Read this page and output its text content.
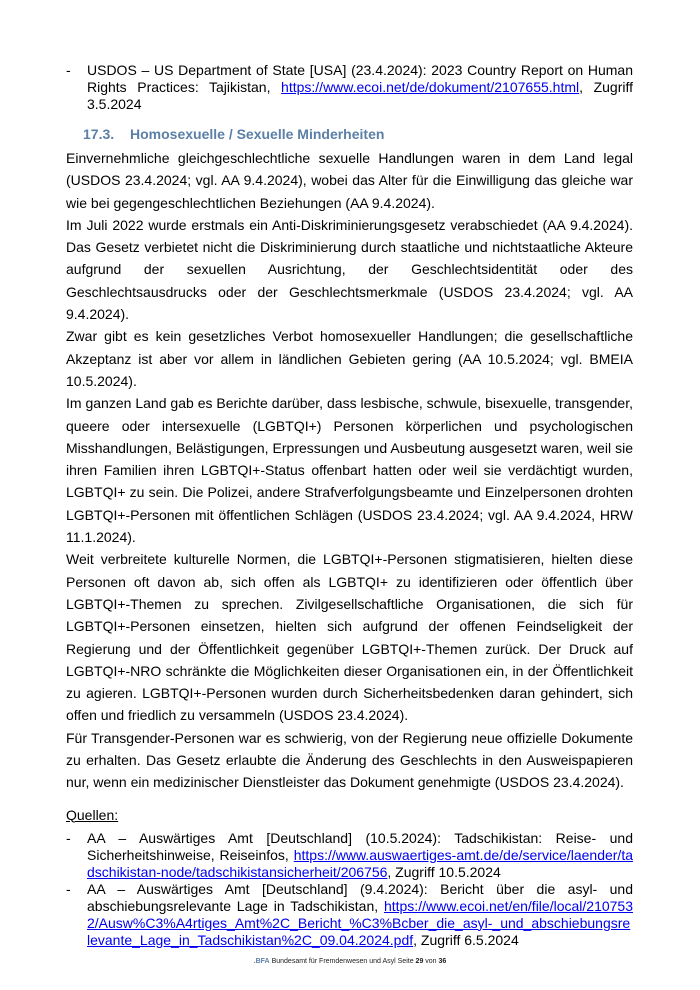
-	USDOS – US Department of State [USA] (23.4.2024): 2023 Country Report on Human Rights Practices: Tajikistan, https://www.ecoi.net/de/dokument/2107655.html, Zugriff 3.5.2024
17.3. Homosexuelle / Sexuelle Minderheiten

Einvernehmliche gleichgeschlechtliche sexuelle Handlungen waren in dem Land legal (USDOS 23.4.2024; vgl. AA 9.4.2024), wobei das Alter für die Einwilligung das gleiche war wie bei gegengeschlechtlichen Beziehungen (AA 9.4.2024).

Im Juli 2022 wurde erstmals ein Anti-Diskriminierungsgesetz verabschiedet (AA 9.4.2024). Das Gesetz verbietet nicht die Diskriminierung durch staatliche und nichtstaatliche Akteure aufgrund der sexuellen Ausrichtung, der Geschlechtsidentität oder des Geschlechtsausdrucks oder der Geschlechtsmerkmale (USDOS 23.4.2024; vgl. AA 9.4.2024).

Zwar gibt es kein gesetzliches Verbot homosexueller Handlungen; die gesellschaftliche Akzeptanz ist aber vor allem in ländlichen Gebieten gering (AA 10.5.2024; vgl. BMEIA 10.5.2024).

Im ganzen Land gab es Berichte darüber, dass lesbische, schwule, bisexuelle, transgender, queere oder intersexuelle (LGBTQI+) Personen körperlichen und psychologischen Misshandlungen, Belästigungen, Erpressungen und Ausbeutung ausgesetzt waren, weil sie ihren Familien ihren LGBTQI+-Status offenbart hatten oder weil sie verdächtigt wurden, LGBTQI+ zu sein. Die Polizei, andere Strafverfolgungsbeamte und Einzelpersonen drohten LGBTQI+-Personen mit öffentlichen Schlägen (USDOS 23.4.2024; vgl. AA 9.4.2024, HRW 11.1.2024).

Weit verbreitete kulturelle Normen, die LGBTQI+-Personen stigmatisieren, hielten diese Personen oft davon ab, sich offen als LGBTQI+ zu identifizieren oder öffentlich über LGBTQI+-Themen zu sprechen. Zivilgesellschaftliche Organisationen, die sich für LGBTQI+-Personen einsetzen, hielten sich aufgrund der offenen Feindseligkeit der Regierung und der Öffentlichkeit gegenüber LGBTQI+-Themen zurück. Der Druck auf LGBTQI+-NRO schränkte die Möglichkeiten dieser Organisationen ein, in der Öffentlichkeit zu agieren. LGBTQI+-Personen wurden durch Sicherheitsbedenken daran gehindert, sich offen und friedlich zu versammeln (USDOS 23.4.2024).

Für Transgender-Personen war es schwierig, von der Regierung neue offizielle Dokumente zu erhalten. Das Gesetz erlaubte die Änderung des Geschlechts in den Ausweispapieren nur, wenn ein medizinischer Dienstleister das Dokument genehmigte (USDOS 23.4.2024).

Quellen:
-	AA – Auswärtiges Amt [Deutschland] (10.5.2024): Tadschikistan: Reise- und Sicherheitshinweise, Reiseinfos, https://www.auswaertiges-amt.de/de/service/laender/tadschikistan-node/tadschikistansicherheit/206756, Zugriff 10.5.2024
-	AA – Auswärtiges Amt [Deutschland] (9.4.2024): Bericht über die asyl- und abschiebungsrelevante Lage in Tadschikistan, https://www.ecoi.net/en/file/local/2107532/Ausw%C3%A4rtiges_Amt%2C_Bericht_%C3%Bcber_die_asyl-_und_abschiebungsrelevante_Lage_in_Tadschikistan%2C_09.04.2024.pdf, Zugriff 6.5.2024
.BFA Bundesamt für Fremdenwesen und Asyl Seite 29 von 36
